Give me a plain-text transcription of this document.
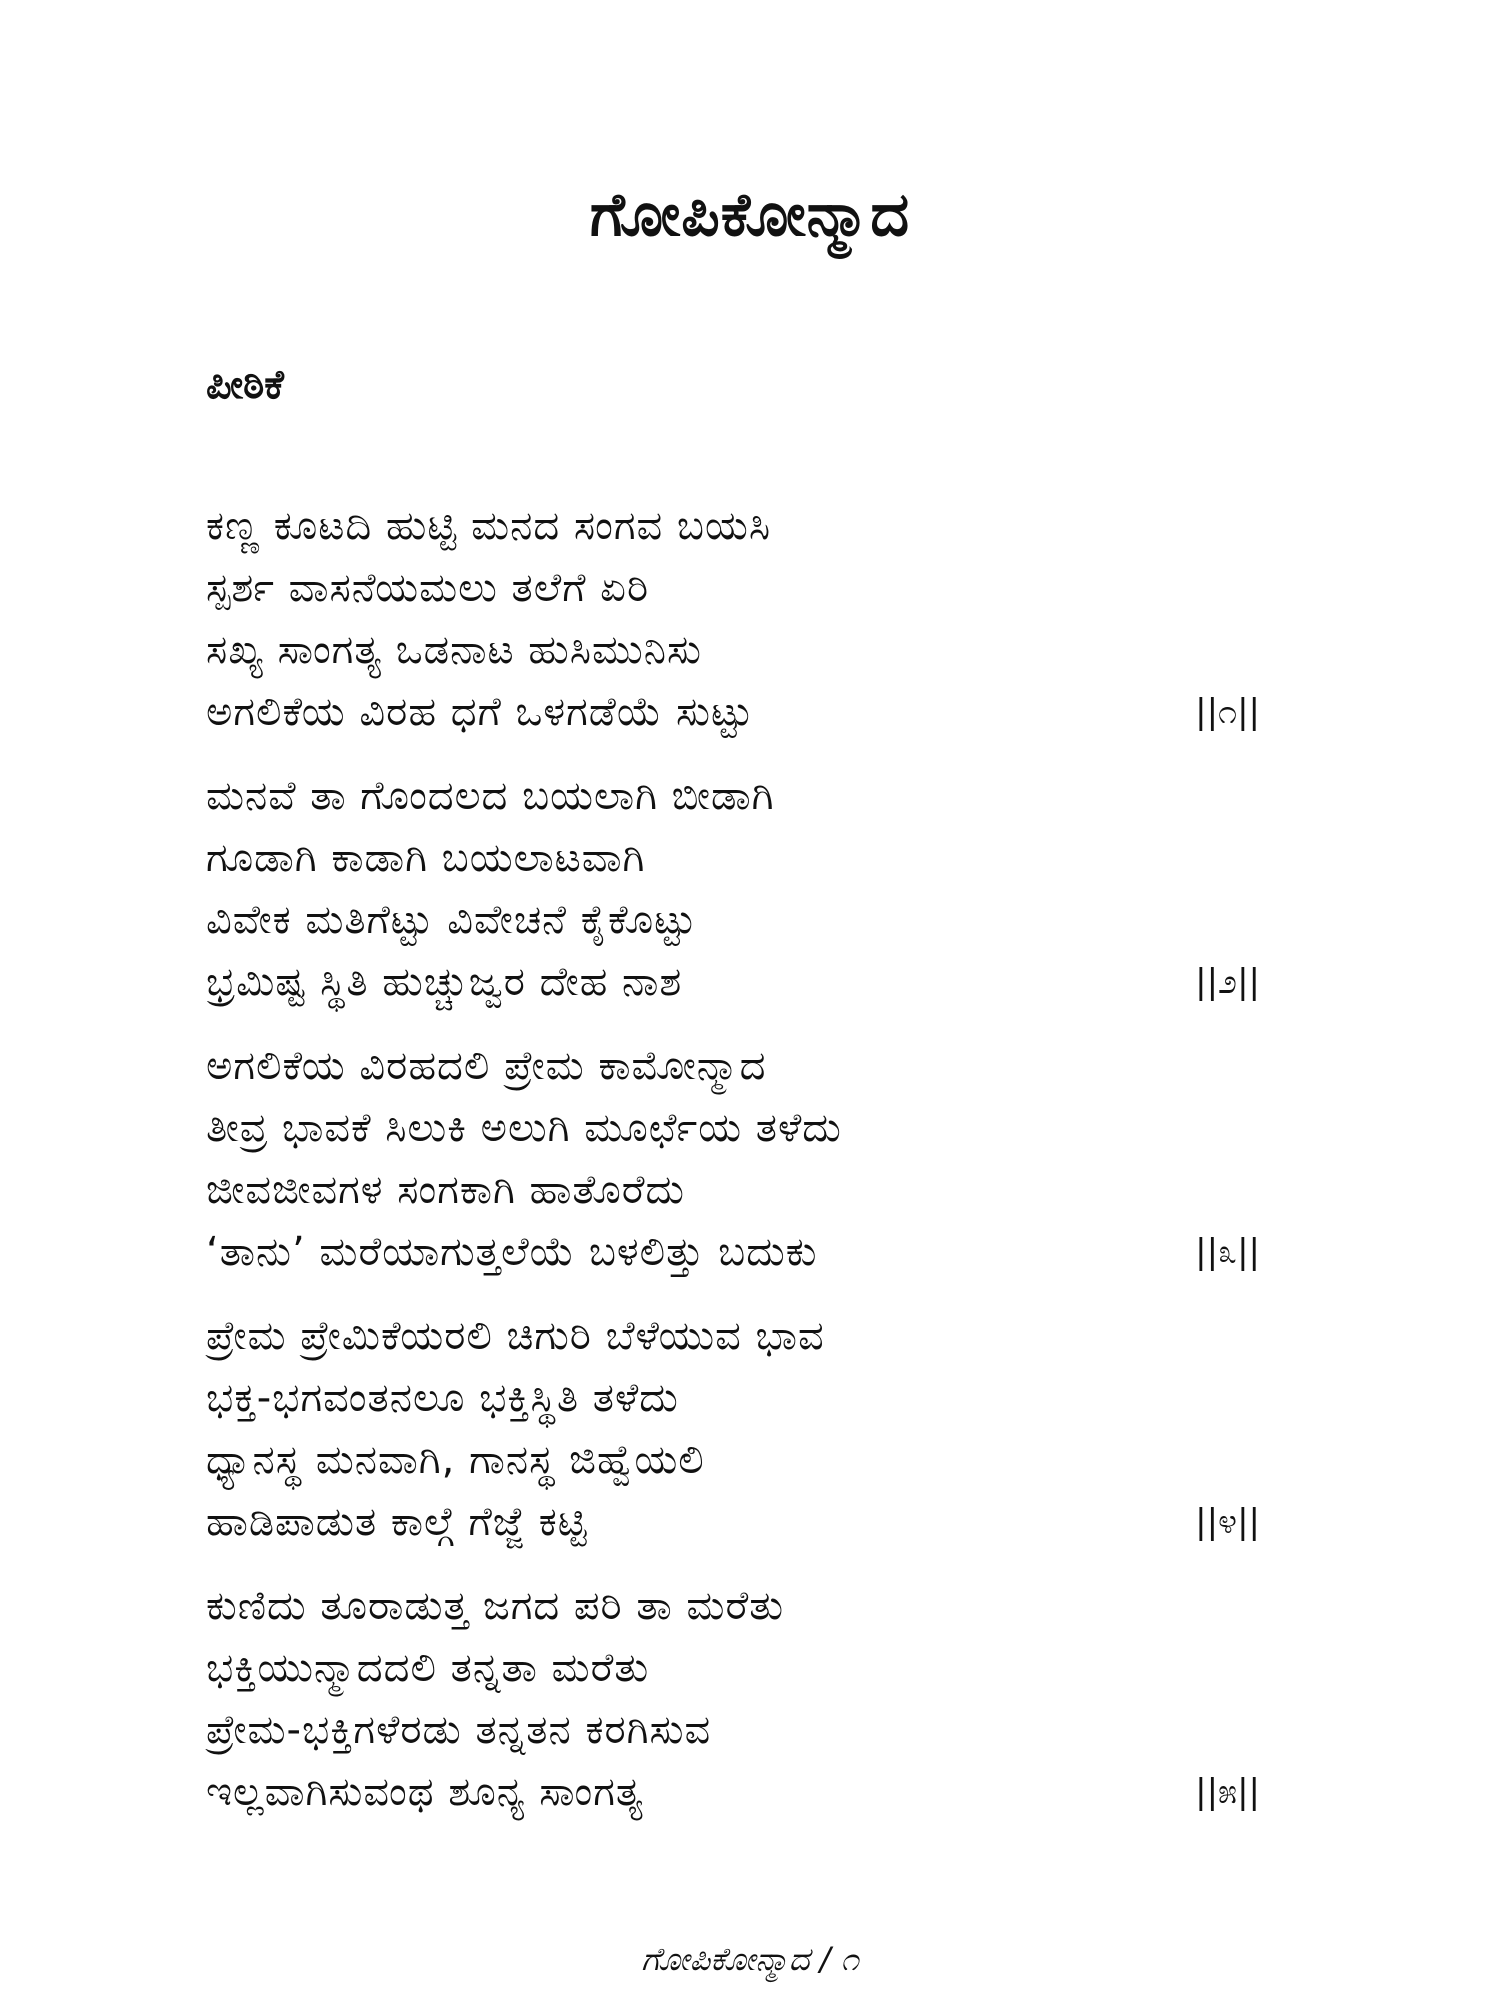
ಗೋಪಿಕೋನ್ಮಾದ
ಪೀಠಿಕೆ
ಕಣ್ಣ ಕೂಟದಿ ಹುಟ್ಟಿ ಮನದ ಸಂಗವ ಬಯಸಿ
ಸ್ಪರ್ಶ ವಾಸನೆಯಮಲು ತಲೆಗೆ ಏರಿ
ಸಖ್ಯ ಸಾಂಗತ್ಯ ಒಡನಾಟ ಹುಸಿಮುನಿಸು
ಅಗಲಿಕೆಯ ವಿರಹ ಧಗೆ ಒಳಗಡೆಯೆ ಸುಟ್ಟು	||೧||
ಮನವೆ ತಾ ಗೊಂದಲದ ಬಯಲಾಗಿ ಬೀಡಾಗಿ
ಗೂಡಾಗಿ ಕಾಡಾಗಿ ಬಯಲಾಟವಾಗಿ
ವಿವೇಕ ಮತಿಗೆಟ್ಟು ವಿವೇಚನೆ ಕೈಕೊಟ್ಟು
ಭ್ರಮಿಷ್ಟ ಸ್ಥಿತಿ ಹುಚ್ಚುಜ್ವರ ದೇಹ ನಾಶ	||೨||
ಅಗಲಿಕೆಯ ವಿರಹದಲಿ ಪ್ರೇಮ ಕಾಮೋನ್ಮಾದ
ತೀವ್ರ ಭಾವಕೆ ಸಿಲುಕಿ ಅಲುಗಿ ಮೂರ್ಛೆಯ ತಳೆದು
ಜೀವಜೀವಗಳ ಸಂಗಕಾಗಿ ಹಾತೊರೆದು
‘ತಾನು’ ಮರೆಯಾಗುತ್ತಲೆಯೆ ಬಳಲಿತ್ತು ಬದುಕು	||೩||
ಪ್ರೇಮ ಪ್ರೇಮಿಕೆಯರಲಿ ಚಿಗುರಿ ಬೆಳೆಯುವ ಭಾವ
ಭಕ್ತ-ಭಗವಂತನಲೂ ಭಕ್ತಿಸ್ಥಿತಿ ತಳೆದು
ಧ್ಯಾನಸ್ಥ ಮನವಾಗಿ, ಗಾನಸ್ಥ ಜಿಹ್ವೆಯಲಿ
ಹಾಡಿಪಾಡುತ ಕಾಲ್ಗೆ ಗೆಜ್ಜೆ ಕಟ್ಟಿ	||೪||
ಕುಣಿದು ತೂರಾಡುತ್ತ ಜಗದ ಪರಿ ತಾ ಮರೆತು
ಭಕ್ತಿಯುನ್ಮಾದದಲಿ ತನ್ನತಾ ಮರೆತು
ಪ್ರೇಮ-ಭಕ್ತಿಗಳೆರಡು ತನ್ನತನ ಕರಗಿಸುವ
ಇಲ್ಲವಾಗಿಸುವಂಥ ಶೂನ್ಯ ಸಾಂಗತ್ಯ	||೫||
ಗೋಪಿಕೋನ್ಮಾದ / ೧
